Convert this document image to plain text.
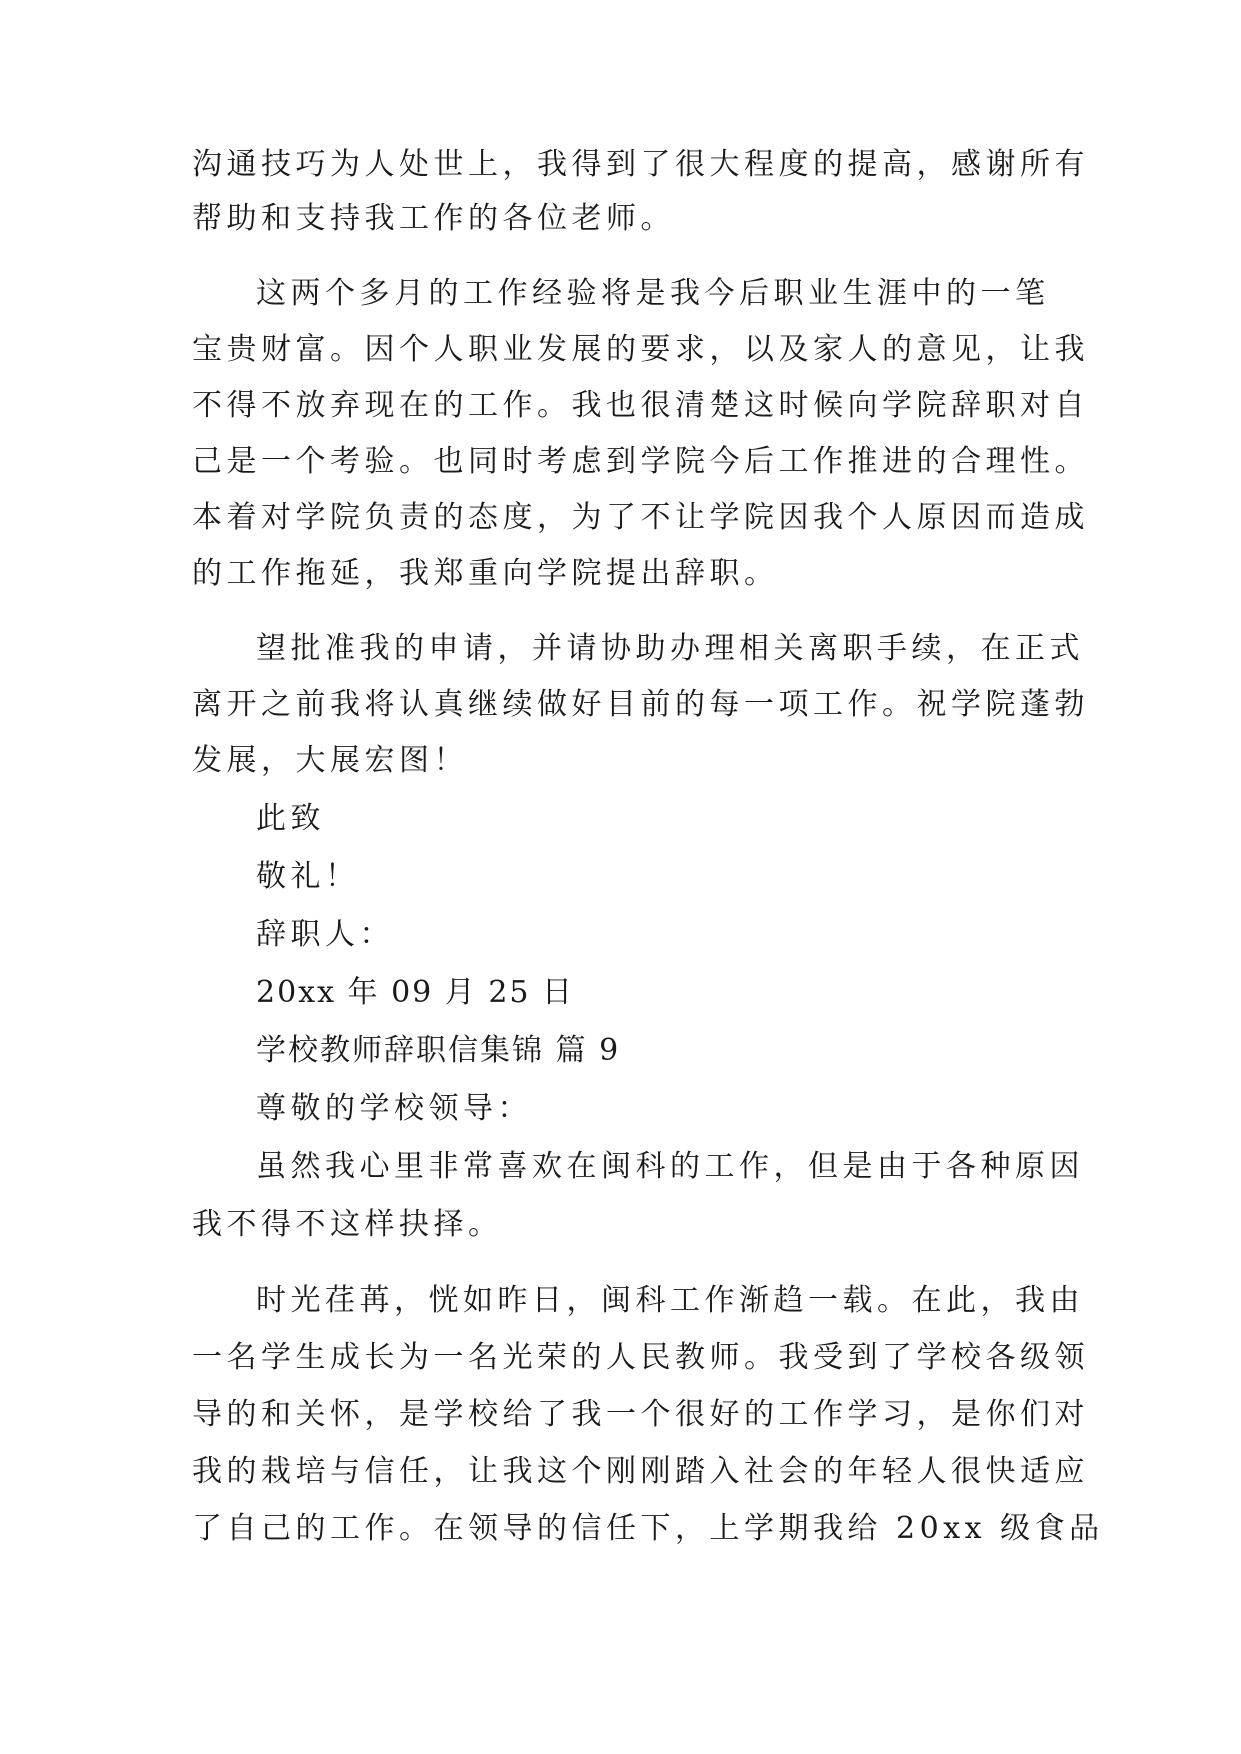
沟通技巧为人处世上，我得到了很大程度的提高，感谢所有
帮助和支持我工作的各位老师。
这两个多月的工作经验将是我今后职业生涯中的一笔
宝贵财富。因个人职业发展的要求，以及家人的意见，让我
不得不放弃现在的工作。我也很清楚这时候向学院辞职对自
己是一个考验。也同时考虑到学院今后工作推进的合理性。
本着对学院负责的态度，为了不让学院因我个人原因而造成
的工作拖延，我郑重向学院提出辞职。
望批准我的申请，并请协助办理相关离职手续，在正式
离开之前我将认真继续做好目前的每一项工作。祝学院蓬勃
发展，大展宏图！
此致
敬礼！
辞职人：
20xx 年 09 月 25 日
学校教师辞职信集锦 篇 9
尊敬的学校领导：
虽然我心里非常喜欢在闽科的工作，但是由于各种原因
我不得不这样抉择。
时光荏苒，恍如昨日，闽科工作渐趋一载。在此，我由
一名学生成长为一名光荣的人民教师。我受到了学校各级领
导的和关怀，是学校给了我一个很好的工作学习，是你们对
我的栽培与信任，让我这个刚刚踏入社会的年轻人很快适应
了自己的工作。在领导的信任下，上学期我给 20xx 级食品
